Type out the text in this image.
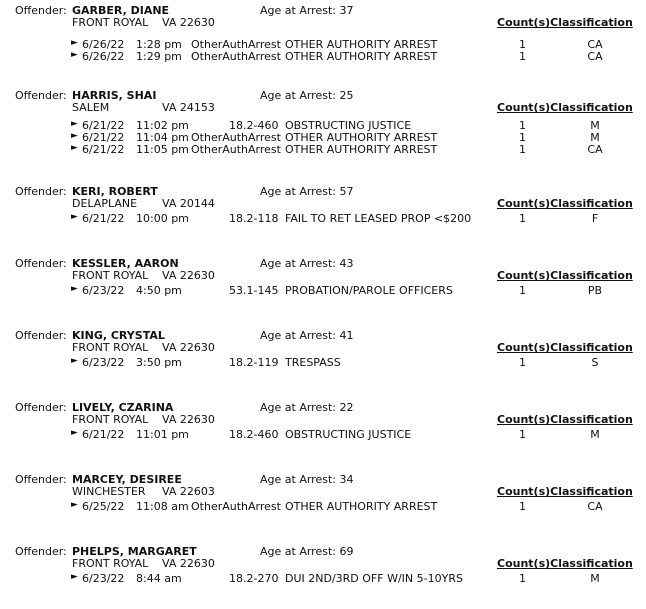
Offender: GARBER, DIANE	Age at Arrest: 37
FRONT ROYAL VA 22630	Count(s)Classification
► 6/26/22 1:28 pm OtherAuthArrest OTHER AUTHORITY ARREST	1	CA
► 6/26/22 1:29 pm OtherAuthArrest OTHER AUTHORITY ARREST	1	CA
Offender: HARRIS, SHAI	Age at Arrest: 25
SALEM	VA 24153	Count(s)Classification
► 6/21/22 11:02 pm	18.2-460 OBSTRUCTING JUSTICE	1	M
► 6/21/22 11:04 pm OtherAuthArrest OTHER AUTHORITY ARREST	1	M
► 6/21/22 11:05 pm OtherAuthArrest OTHER AUTHORITY ARREST	1	CA
Offender: KERI, ROBERT	Age at Arrest: 57
DELAPLANE VA 20144	Count(s)Classification
► 6/21/22 10:00 pm	18.2-118 FAIL TO RET LEASED PROP <$200	1	F
Offender: KESSLER, AARON	Age at Arrest: 43
FRONT ROYAL VA 22630	Count(s)Classification
► 6/23/22 4:50 pm	53.1-145 PROBATION/PAROLE OFFICERS	1	PB
Offender: KING, CRYSTAL	Age at Arrest: 41
FRONT ROYAL VA 22630	Count(s)Classification
► 6/23/22 3:50 pm	18.2-119 TRESPASS	1	S
Offender: LIVELY, CZARINA	Age at Arrest: 22
FRONT ROYAL VA 22630	Count(s)Classification
► 6/21/22 11:01 pm	18.2-460 OBSTRUCTING JUSTICE	1	M
Offender: MARCEY, DESIREE	Age at Arrest: 34
WINCHESTER VA 22603	Count(s)Classification
► 6/25/22 11:08 am OtherAuthArrest OTHER AUTHORITY ARREST	1	CA
Offender: PHELPS, MARGARET	Age at Arrest: 69
FRONT ROYAL VA 22630	Count(s)Classification
► 6/23/22 8:44 am	18.2-270 DUI 2ND/3RD OFF W/IN 5-10YRS	1	M
